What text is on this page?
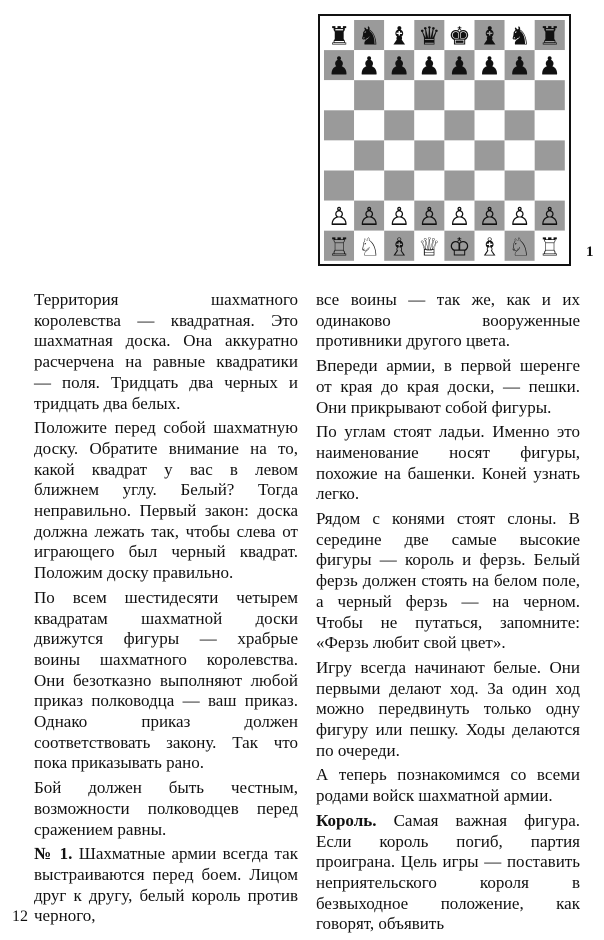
♜ ♞ ♝ ♛ ♚ ♝ ♞ ♜
♟ ♟ ♟ ♟ ♟ ♟ ♟ ♟
♙ ♙ ♙ ♙ ♙ ♙ ♙ ♙
♖ ♘ ♗ ♕ ♔ ♗ ♘ ♖ 1

Территория шахматного королевства — квадратная. Это шахматная доска. Она аккуратно расчерчена на равные квадратики — поля. Тридцать два черных и тридцать два белых.

Положите перед собой шахматную доску. Обратите внимание на то, какой квадрат у вас в левом ближнем углу. Белый? Тогда неправильно. Первый закон: доска должна лежать так, чтобы слева от играющего был черный квадрат. Положим доску правильно.

По всем шестидесяти четырем квадратам шахматной доски движутся фигуры — храбрые воины шахматного королевства. Они безотказно выполняют любой приказ полководца — ваш приказ. Однако приказ должен соответствовать закону. Так что пока приказывать рано.

Бой должен быть честным, возможности полководцев перед сражением равны.

№ 1. Шахматные армии всегда так выстраиваются перед боем. Лицом друг к другу, белый король против черного,

все воины — так же, как и их одинаково вооруженные противники другого цвета.

Впереди армии, в первой шеренге от края до края доски, — пешки. Они прикрывают собой фигуры.

По углам стоят ладьи. Именно это наименование носят фигуры, похожие на башенки. Коней узнать легко.

Рядом с конями стоят слоны. В середине две самые высокие фигуры — король и ферзь. Белый ферзь должен стоять на белом поле, а черный ферзь — на черном. Чтобы не путаться, запомните: «Ферзь любит свой цвет».

Игру всегда начинают белые. Они первыми делают ход. За один ход можно передвинуть только одну фигуру или пешку. Ходы делаются по очереди.

А теперь познакомимся со всеми родами войск шахматной армии.

Король. Самая важная фигура. Если король погиб, партия проиграна. Цель игры — поставить неприятельского короля в безвыходное положение, как говорят, объявить

12
